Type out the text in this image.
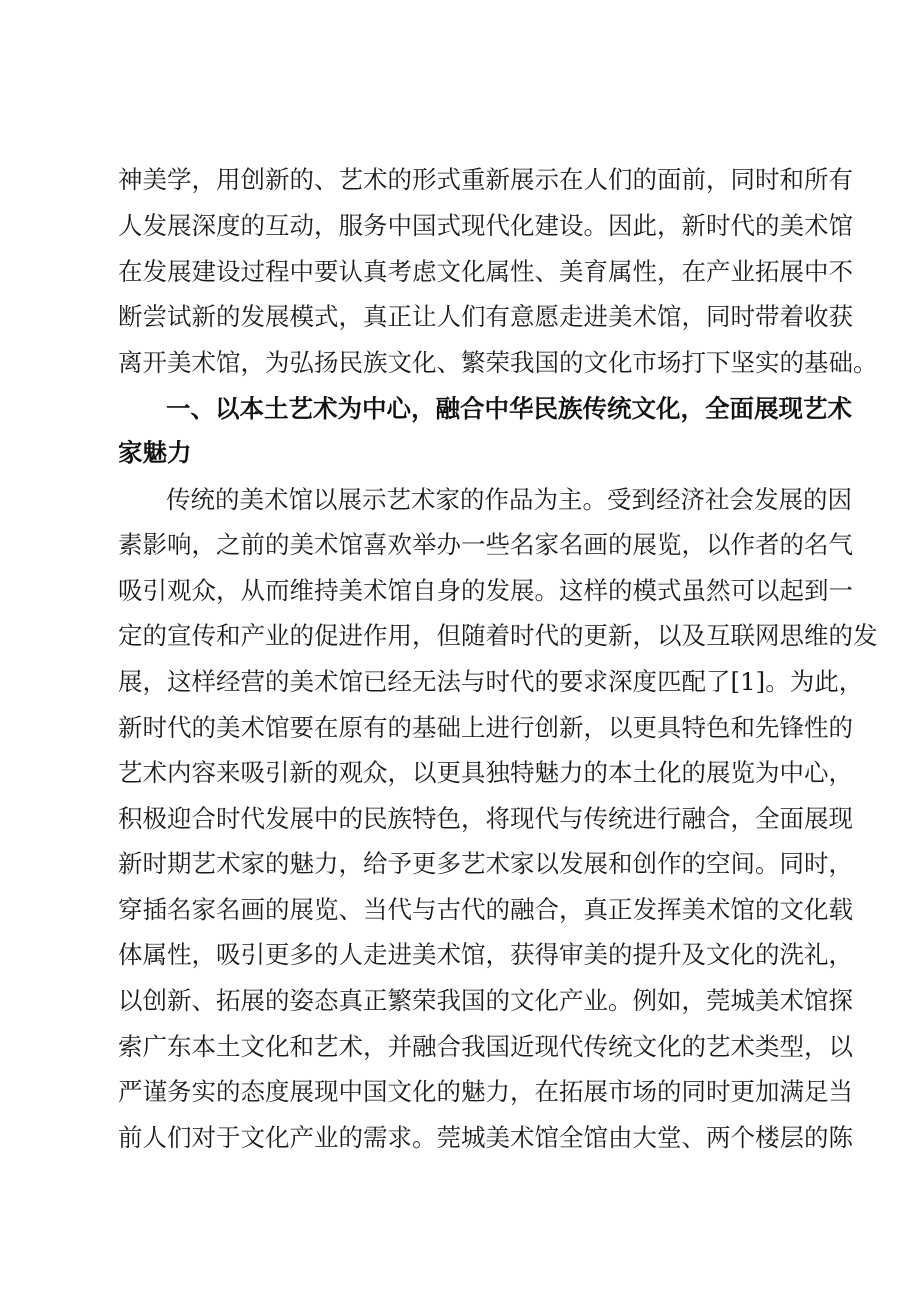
神美学，用创新的、艺术的形式重新展示在人们的面前，同时和所有
人发展深度的互动，服务中国式现代化建设。因此，新时代的美术馆
在发展建设过程中要认真考虑文化属性、美育属性，在产业拓展中不
断尝试新的发展模式，真正让人们有意愿走进美术馆，同时带着收获
离开美术馆，为弘扬民族文化、繁荣我国的文化市场打下坚实的基础。
一、以本土艺术为中心，融合中华民族传统文化，全面展现艺术
家魅力
传统的美术馆以展示艺术家的作品为主。受到经济社会发展的因
素影响，之前的美术馆喜欢举办一些名家名画的展览，以作者的名气
吸引观众，从而维持美术馆自身的发展。这样的模式虽然可以起到一
定的宣传和产业的促进作用，但随着时代的更新，以及互联网思维的发
展，这样经营的美术馆已经无法与时代的要求深度匹配了[1]。为此，
新时代的美术馆要在原有的基础上进行创新，以更具特色和先锋性的
艺术内容来吸引新的观众，以更具独特魅力的本土化的展览为中心，
积极迎合时代发展中的民族特色，将现代与传统进行融合，全面展现
新时期艺术家的魅力，给予更多艺术家以发展和创作的空间。同时，
穿插名家名画的展览、当代与古代的融合，真正发挥美术馆的文化载
体属性，吸引更多的人走进美术馆，获得审美的提升及文化的洗礼，
以创新、拓展的姿态真正繁荣我国的文化产业。例如，莞城美术馆探
索广东本土文化和艺术，并融合我国近现代传统文化的艺术类型，以
严谨务实的态度展现中国文化的魅力，在拓展市场的同时更加满足当
前人们对于文化产业的需求。莞城美术馆全馆由大堂、两个楼层的陈
